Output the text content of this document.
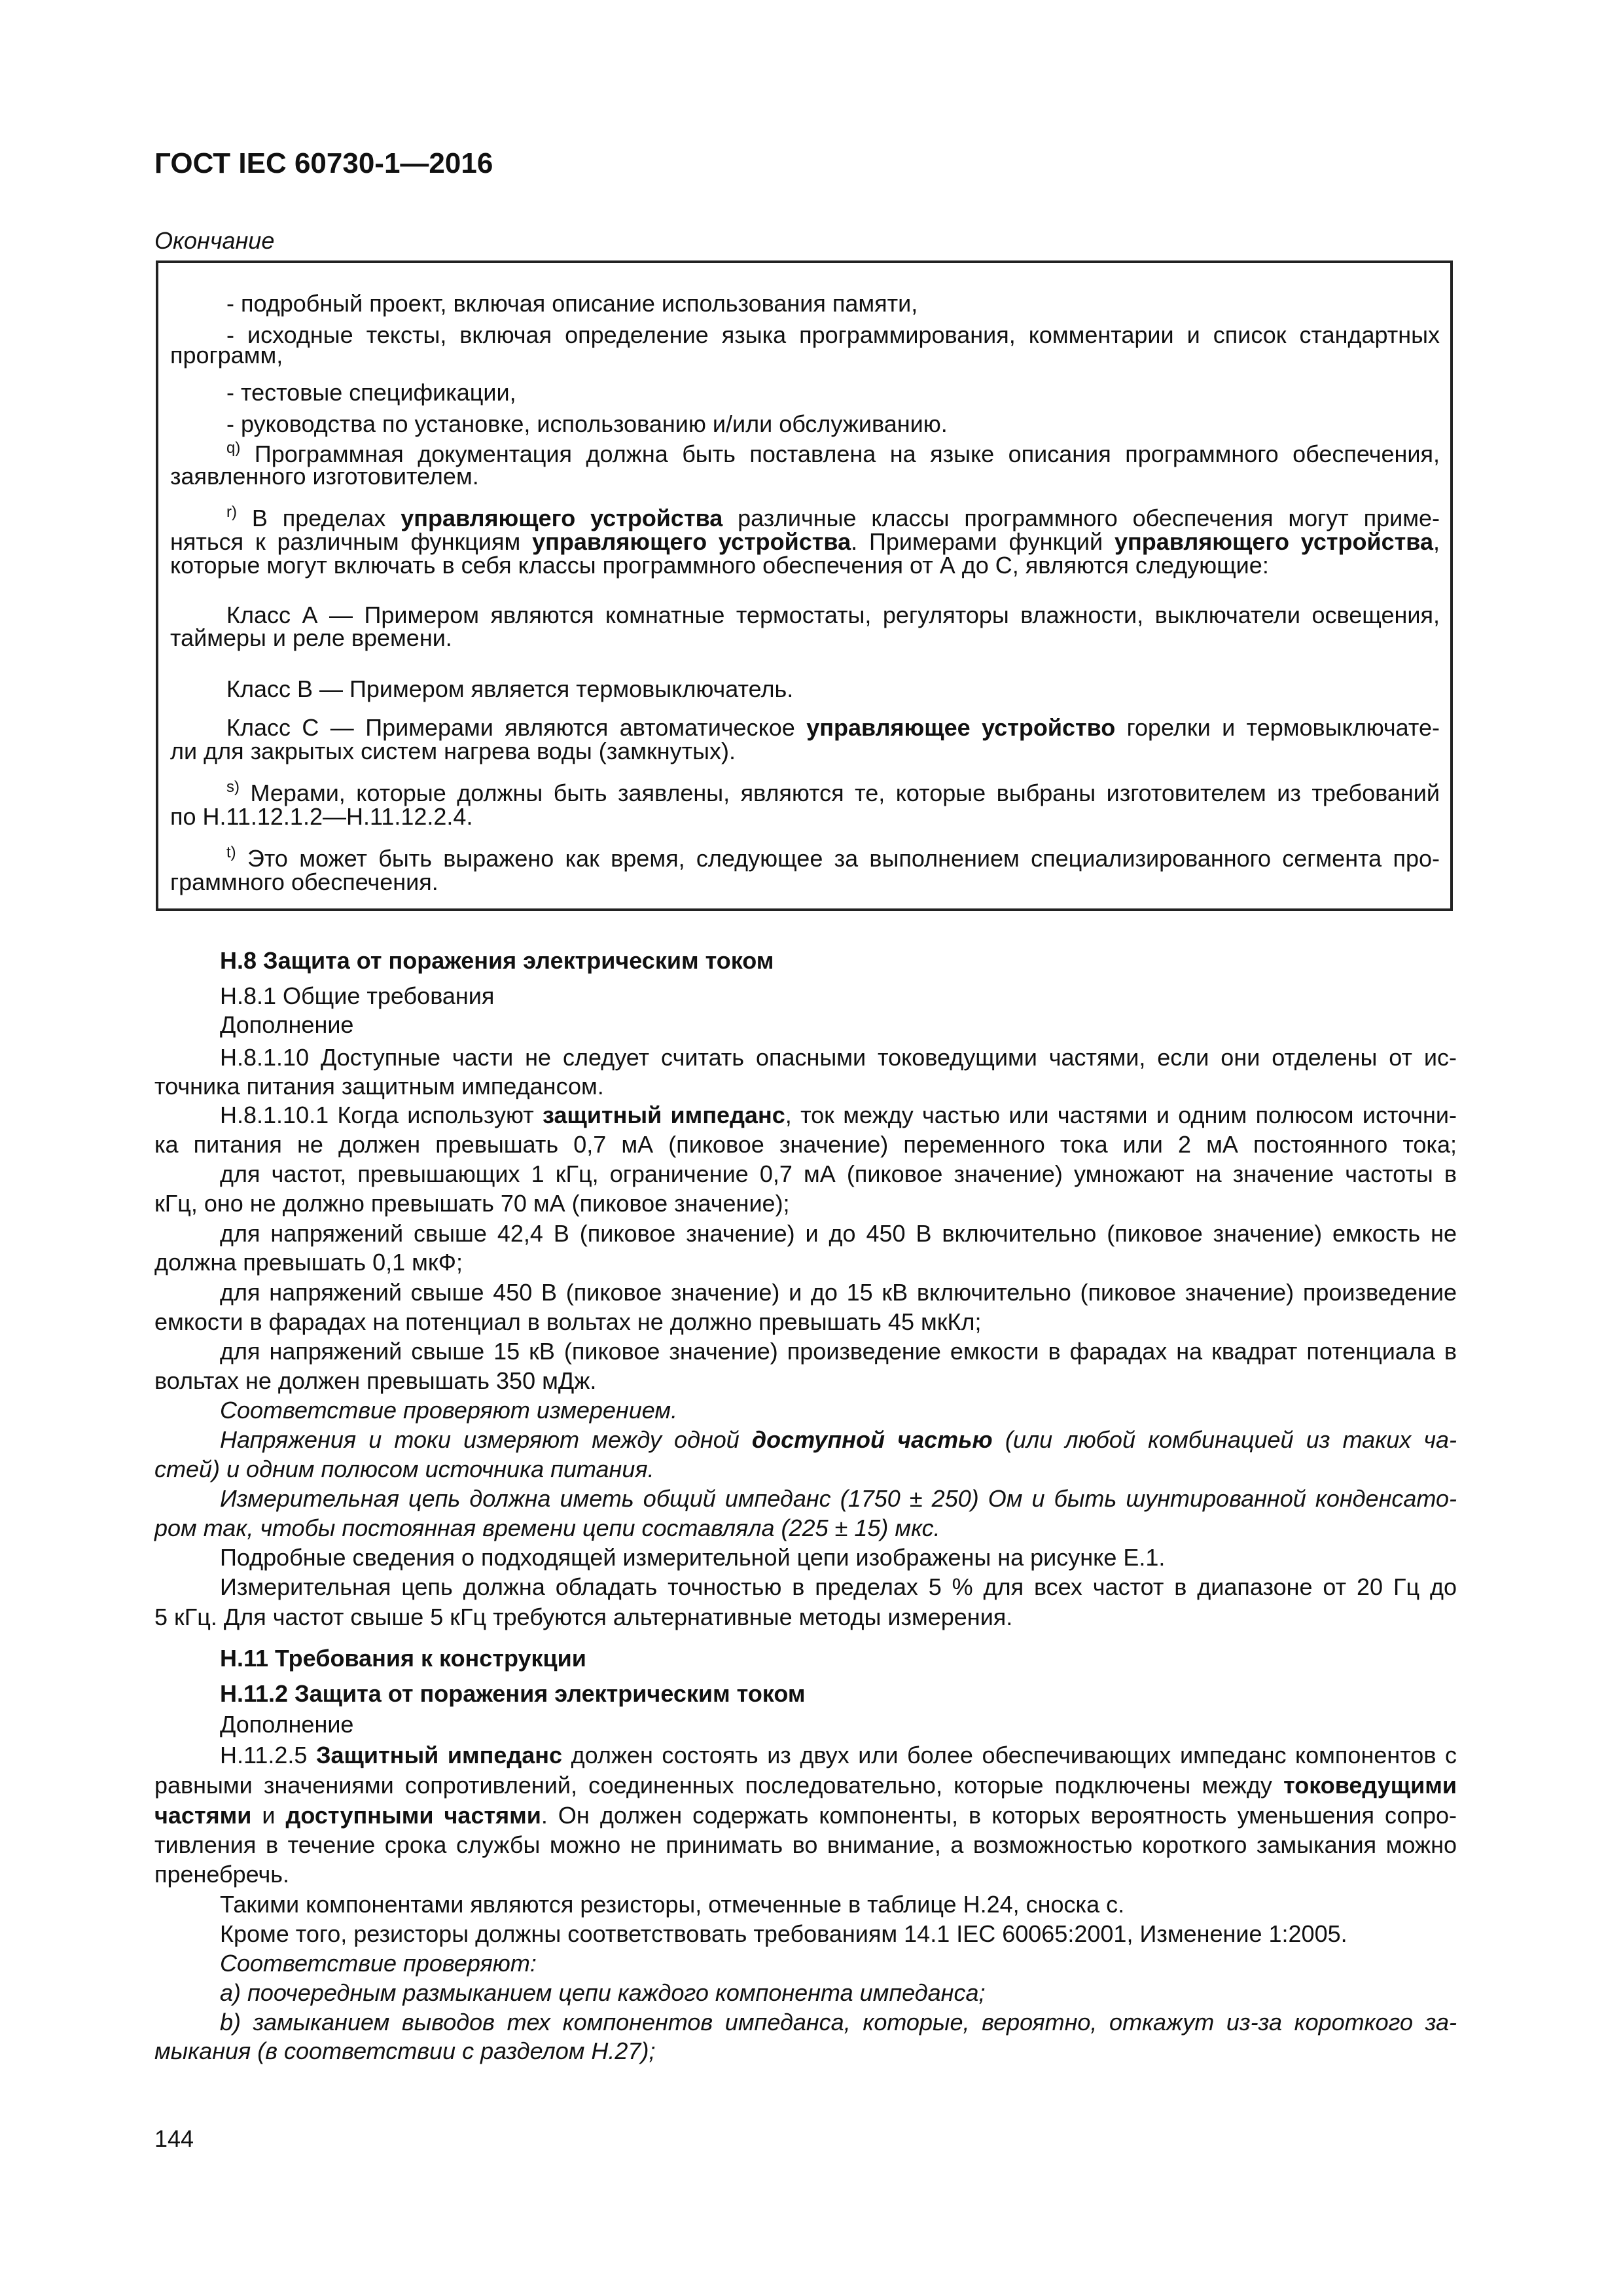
ГОСТ IEC 60730-1—2016
Окончание
- подробный проект, включая описание использования памяти,
- исходные тексты, включая определение языка программирования, комментарии и список стандартных
программ,
- тестовые спецификации,
- руководства по установке, использованию и/или обслуживанию.
$^{q)}$ Программная документация должна быть поставлена на языке описания программного обеспечения,
заявленного изготовителем.
$^{r)}$ В пределах управляющего устройства различные классы программного обеспечения могут приме-
няться к различным функциям управляющего устройства. Примерами функций управляющего устройства,
которые могут включать в себя классы программного обеспечения от А до С, являются следующие:
Класс А — Примером являются комнатные термостаты, регуляторы влажности, выключатели освещения,
таймеры и реле времени.
Класс В — Примером является термовыключатель.
Класс С — Примерами являются автоматическое управляющее устройство горелки и термовыключате-
ли для закрытых систем нагрева воды (замкнутых).
$^{s)}$ Мерами, которые должны быть заявлены, являются те, которые выбраны изготовителем из требований
по Н.11.12.1.2—Н.11.12.2.4.
$^{t)}$ Это может быть выражено как время, следующее за выполнением специализированного сегмента про-
граммного обеспечения.
Н.8 Защита от поражения электрическим током
Н.8.1 Общие требования
Дополнение
Н.8.1.10 Доступные части не следует считать опасными токоведущими частями, если они отделены от ис-
точника питания защитным импедансом.
Н.8.1.10.1 Когда используют защитный импеданс, ток между частью или частями и одним полюсом источни-
ка питания не должен превышать 0,7 мА (пиковое значение) переменного тока или 2 мА постоянного тока;
для частот, превышающих 1 кГц, ограничение 0,7 мА (пиковое значение) умножают на значение частоты в
кГц, оно не должно превышать 70 мА (пиковое значение);
для напряжений свыше 42,4 В (пиковое значение) и до 450 В включительно (пиковое значение) емкость не
должна превышать 0,1 мкФ;
для напряжений свыше 450 В (пиковое значение) и до 15 кВ включительно (пиковое значение) произведение
емкости в фарадах на потенциал в вольтах не должно превышать 45 мкКл;
для напряжений свыше 15 кВ (пиковое значение) произведение емкости в фарадах на квадрат потенциала в
вольтах не должен превышать 350 мДж.
Соответствие проверяют измерением.
Напряжения и токи измеряют между одной доступной частью (или любой комбинацией из таких ча-
стей) и одним полюсом источника питания.
Измерительная цепь должна иметь общий импеданс (1750 ± 250) Ом и быть шунтированной конденсато-
ром так, чтобы постоянная времени цепи составляла (225 ± 15) мкс.
Подробные сведения о подходящей измерительной цепи изображены на рисунке Е.1.
Измерительная цепь должна обладать точностью в пределах 5 % для всех частот в диапазоне от 20 Гц до
5 кГц. Для частот свыше 5 кГц требуются альтернативные методы измерения.
Н.11 Требования к конструкции
Н.11.2 Защита от поражения электрическим током
Дополнение
Н.11.2.5 Защитный импеданс должен состоять из двух или более обеспечивающих импеданс компонентов с
равными значениями сопротивлений, соединенных последовательно, которые подключены между токоведущими
частями и доступными частями. Он должен содержать компоненты, в которых вероятность уменьшения сопро-
тивления в течение срока службы можно не принимать во внимание, а возможностью короткого замыкания можно
пренебречь.
Такими компонентами являются резисторы, отмеченные в таблице Н.24, сноска с.
Кроме того, резисторы должны соответствовать требованиям 14.1 IEC 60065:2001, Изменение 1:2005.
Соответствие проверяют:
а) поочередным размыканием цепи каждого компонента импеданса;
b) замыканием выводов тех компонентов импеданса, которые, вероятно, откажут из-за короткого за-
мыкания (в соответствии с разделом Н.27);
144
